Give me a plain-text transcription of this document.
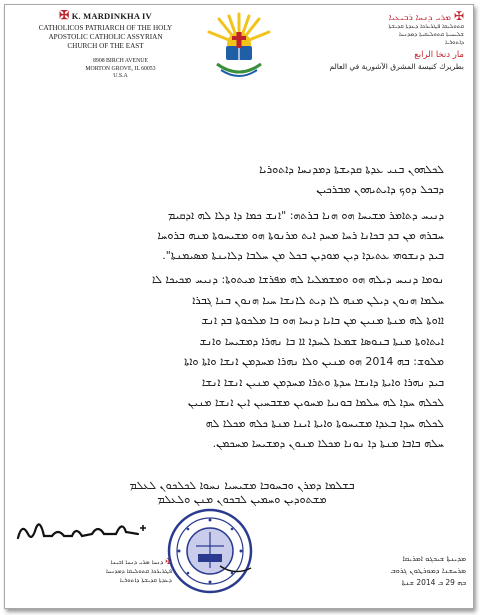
✠ K. MARDINKHA IV
CATHOLICOS PATRIARCH OF THE HOLY
APOSTOLIC CATHOLIC ASSYRIAN
CHURCH OF THE EAST
8908 BIRCH AVENUE
MORTON GROVE, IL 60053
U.S.A
ܡܪܝ ܕܢܚܐ ܪܒܝܥܝܐ ✠
ܩܬܘܠܝܩܐ ܦܛܪܝܪܟܐ ܕܥܕܬܐ ܩܕܝܫܬܐ
ܫܠܝܚܝܬܐ ܩܬܘܠܝܩܝܬܐ ܕܡܕܢܚܐ
ܕܐܬܘܪܝܐ
مار دنخا الرابع
بطريرك كنيسة المشرق الآشورية في العالم
ܠܟܠܗܘܢ ܒܢܝ ܥܕܬܐ ܩܕܝܫܬܐ ܕܡܕܢܚܐ ܕܐܬܘܪܝܐ
ܕܒܟܠ ܕܘܟ ܕܐܝܬܝܗܘܢ ܡܒܪܟܝܢ
ܕܢܝܚ ܕܬܐܡܪ ܡܫܝܚܐ ܗܘ ܗܢܐ ܒܪܬܗ: "ܐܢܫ ܟܡܐ ܕܐ ܕܠܐ ܠܗ ܐܕܩܝܡ
ܚܒܪܗ ܡܢ ܒܕ ܒܟܐܢܐ ܪܚܐ ܡܚܕ ܐܝܬ ܡܪܢܘܬܐ ܗܘ ܡܫܝܚܘܬܐ ܡܢܗ ܒܪܘܚܐ
ܒܝܕ ܕܢܫܘܗܝ ܥܬܝܕܐ ܕܝܢ ܡܘܕܝܢ ܒܟܠ ܡܢ ܚܠܒܐ ܕܠܐܝܢܬܐ ܡܣܝܡܢܬܐ".
ܢܘܡܐ ܕܢܝܚ ܕܝܠܗ ܗܘ ܘܡܫܡܠܝܐ ܠܗ ܡܦܪܫܐ ܡܝܬܘܬܐ: ܕܢܝܚ ܡܟܝܟܐ ܠܐ
ܚܠܡܐ ܗܢܘܢ ܕܝܠܢ ܡܢܗ ܠܐ ܕܝܬ ܠܐܢܫܐ ܚܝܐ ܗܢܘܢ ܒܢܐ ܓܒܪܐ
ܐܐܘܬܐ ܠܗ ܡܢܬܐ ܡܢܝܢ ܡܢ ܒܐܝܐ ܕܢܚܐ ܗܘ ܒܐ ܡܠܟܘܬܐ ܒܕ ܐܢܫ
ܐܝܬܐܘܬܐ ܡܢܬܐ ܒܢܘܣܐ ܫܡܥܐ ܠܚܕܐ ܐܐ ܒܐ ܢܗܪܐ ܕܡܫܝܚܐ ܘܐܢܫ
ܡܠܘܫ: ܒܗ 2014 ܗܘ ܡܢܝܢ ܘܠܐ ܢܗܪܐ ܡܚܕܡܢ ܐܢܫܐ ܘܐܬܐ ܘܐܬܐ
ܒܝܕ ܢܗܪܐ ܘܐܝܬܐ ܕܐܢܫܐ ܚܕܬܐ ܘܬܪܐ ܡܚܕܡܢ ܡܢܝܢ ܐܢܫܐ ܐܢܫܐ
ܠܟܠܗ ܚܕܐ ܠܗ ܚܠܡܐ ܒܘܢܝܐ ܡܚܘܝܢ ܡܫܒܚܝܢ ܐܝܢ ܐܢܫܐ ܡܢܝܢ
ܠܟܠܗ ܚܕܐ ܒܥܕܐ ܡܫܝܚܘܬܐ ܘܐܝܬܐ ܐܝܢܐ ܡܢܬܐ ܟܠܗ ܡܟܠܐ ܠܗ
ܚܠܗ ܒܐܒܐ ܡܢܬܐ ܕܐ ܢܘܢܐ ܡܟܠܐ ܡܢܘܢ ܕܡܫܝܚܐ ܡܚܟܡܢ.
ܒܫܠܡܐ ܕܡܪܢ ܘܒܚܘܒܐ ܡܫܝܚܝܐ ܢܚܘܐ ܠܟܠܟܘܢ ܠܥܠܡ
ܡܫܬܘܕܝܢ ܘܚܡܝܢ ܠܒܟܘܢ ܡܢܢ ܘܠܥܠܡ
ܕܢܚܐ ܡܪܝ ܕܢܚܐ ܐܒܝܢܐ ✠
ܦܛܪܝܪܟܐ ܩܬܘܠܝܩܐ ܕܡܕܢܚܐ
ܕܥܕܬܐ ܩܕܝܫܬܐ ܕܐܬܘܪܝܐ
ܡܕܝܢܬܐ ܫܝܟܓܘ ܐܡܪܝܩܐ
ܡܪܚܫܢܐ ܕܡܘܪܛܘܢ ܓܪܘܒ
ܒܗ 29 ܒ 2014 ܫܢܬܐ
